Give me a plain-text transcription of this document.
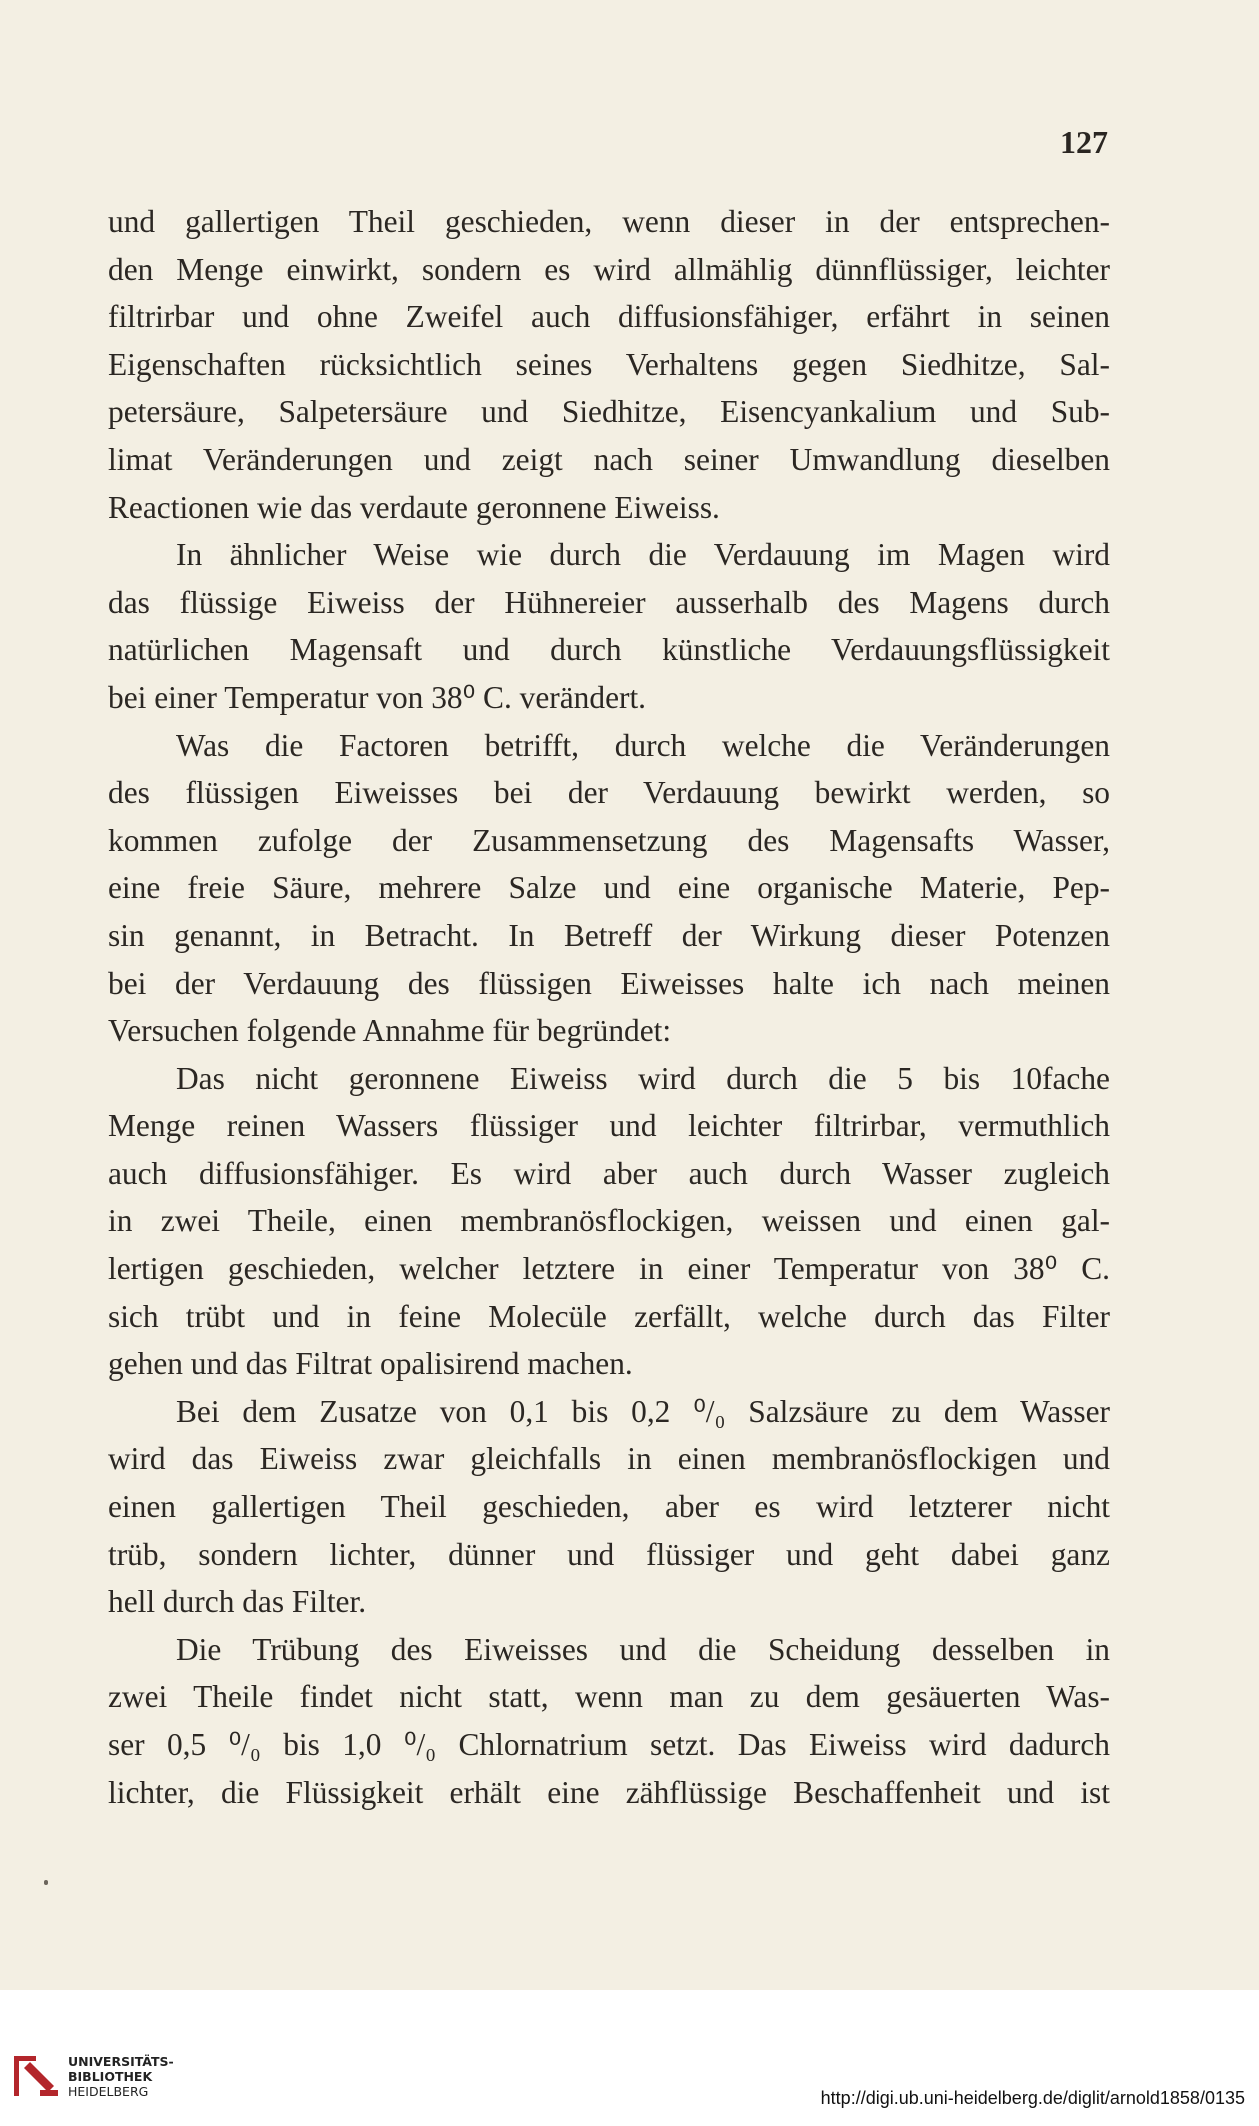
127
und gallertigen Theil geschieden, wenn dieser in der entsprechen-
den Menge einwirkt, sondern es wird allmählig dünnflüssiger, leichter
filtrirbar und ohne Zweifel auch diffusionsfähiger, erfährt in seinen
Eigenschaften rücksichtlich seines Verhaltens gegen Siedhitze, Sal-
petersäure, Salpetersäure und Siedhitze, Eisencyankalium und Sub-
limat Veränderungen und zeigt nach seiner Umwandlung dieselben
Reactionen wie das verdaute geronnene Eiweiss.
In ähnlicher Weise wie durch die Verdauung im Magen wird
das flüssige Eiweiss der Hühnereier ausserhalb des Magens durch
natürlichen Magensaft und durch künstliche Verdauungsflüssigkeit
bei einer Temperatur von 38⁰ C. verändert.
Was die Factoren betrifft, durch welche die Veränderungen
des flüssigen Eiweisses bei der Verdauung bewirkt werden, so
kommen zufolge der Zusammensetzung des Magensafts Wasser,
eine freie Säure, mehrere Salze und eine organische Materie, Pep-
sin genannt, in Betracht. In Betreff der Wirkung dieser Potenzen
bei der Verdauung des flüssigen Eiweisses halte ich nach meinen
Versuchen folgende Annahme für begründet:
Das nicht geronnene Eiweiss wird durch die 5 bis 10fache
Menge reinen Wassers flüssiger und leichter filtrirbar, vermuthlich
auch diffusionsfähiger. Es wird aber auch durch Wasser zugleich
in zwei Theile, einen membranösflockigen, weissen und einen gal-
lertigen geschieden, welcher letztere in einer Temperatur von 38⁰ C.
sich trübt und in feine Molecüle zerfällt, welche durch das Filter
gehen und das Filtrat opalisirend machen.
Bei dem Zusatze von 0,1 bis 0,2 ⁰/₀ Salzsäure zu dem Wasser
wird das Eiweiss zwar gleichfalls in einen membranösflockigen und
einen gallertigen Theil geschieden, aber es wird letzterer nicht
trüb, sondern lichter, dünner und flüssiger und geht dabei ganz
hell durch das Filter.
Die Trübung des Eiweisses und die Scheidung desselben in
zwei Theile findet nicht statt, wenn man zu dem gesäuerten Was-
ser 0,5 ⁰/₀ bis 1,0 ⁰/₀ Chlornatrium setzt. Das Eiweiss wird dadurch
lichter, die Flüssigkeit erhält eine zähflüssige Beschaffenheit und ist
UNIVERSITÄTS-
BIBLIOTHEK
HEIDELBERG	http://digi.ub.uni-heidelberg.de/diglit/arnold1858/0135
